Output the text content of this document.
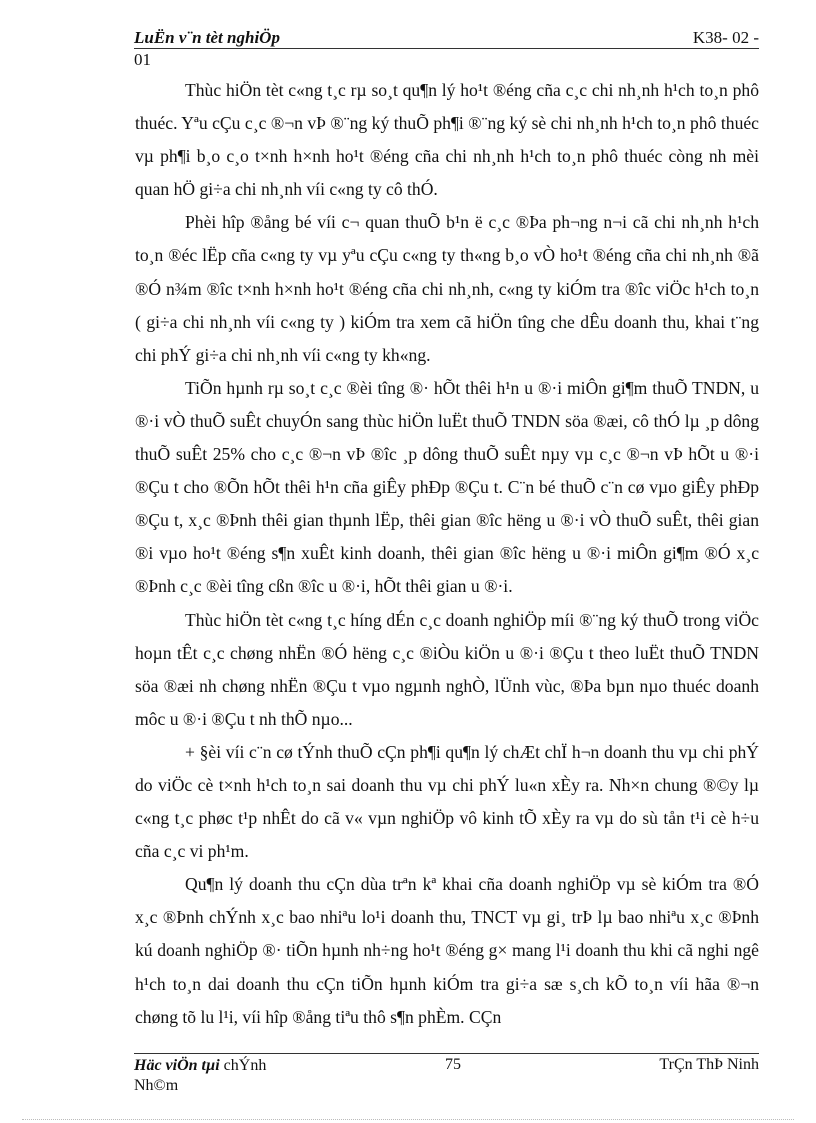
LuËn v¨n tèt nghiÖp	K38- 02 -
01

Thùc hiÖn tèt c«ng t¸c rµ so¸t qu¶n lý ho¹t ®éng cña c¸c chi nh¸nh h¹ch to¸n phô thuéc. Yªu cÇu c¸c ®¬n vÞ ®¨ng ký thuÕ ph¶i ®¨ng ký sè chi nh¸nh h¹ch to¸n phô thuéc vµ ph¶i b¸o c¸o t×nh h×nh ho¹t ®éng cña chi nh¸nh h¹ch to¸n phô thuéc còng nh mèi quan hÖ gi÷a chi nh¸nh víi c«ng ty cô thÓ.

Phèi hîp ®ång bé víi c¬ quan thuÕ b¹n ë c¸c ®Þa ph¬ng n¬i cã chi nh¸nh h¹ch to¸n ®éc lËp cña c«ng ty vµ yªu cÇu c«ng ty th«ng b¸o vÒ ho¹t ®éng cña chi nh¸nh ®ã ®Ó n¾m ®îc t×nh h×nh ho¹t ®éng cña chi nh¸nh, c«ng ty kiÓm tra ®îc viÖc h¹ch to¸n ( gi÷a chi nh¸nh víi c«ng ty ) kiÓm tra xem cã hiÖn tîng che dÊu doanh thu, khai t¨ng chi phÝ gi÷a chi nh¸nh víi c«ng ty kh«ng.

TiÕn hµnh rµ so¸t c¸c ®èi tîng ®· hÕt thêi h¹n u ®·i miÔn gi¶m thuÕ TNDN, u ®·i vÒ thuÕ suÊt chuyÓn sang thùc hiÖn luËt thuÕ TNDN söa ®æi, cô thÓ lµ ¸p dông thuÕ suÊt 25% cho c¸c ®¬n vÞ ®îc ¸p dông thuÕ suÊt nµy vµ c¸c ®¬n vÞ hÕt u ®·i ®Çu t cho ®Õn hÕt thêi h¹n cña giÊy phÐp ®Çu t. C¨n bé thuÕ c¨n cø vµo giÊy phÐp ®Çu t, x¸c ®Þnh thêi gian thµnh lËp, thêi gian ®îc hëng u ®·i vÒ thuÕ suÊt, thêi gian ®i vµo ho¹t ®éng s¶n xuÊt kinh doanh, thêi gian ®îc hëng u ®·i miÔn gi¶m ®Ó x¸c ®Þnh c¸c ®èi tîng cßn ®îc u ®·i, hÕt thêi gian u ®·i.

Thùc hiÖn tèt c«ng t¸c híng dÉn c¸c doanh nghiÖp míi ®¨ng ký thuÕ trong viÖc hoµn tÊt c¸c chøng nhËn ®Ó hëng c¸c ®iÒu kiÖn u ®·i ®Çu t theo luËt thuÕ TNDN söa ®æi nh chøng nhËn ®Çu t vµo ngµnh nghÒ, lÜnh vùc, ®Þa bµn nµo thuéc doanh môc u ®·i ®Çu t nh thÕ nµo...

+ §èi víi c¨n cø tÝnh thuÕ cÇn ph¶i qu¶n lý chÆt chÏ h¬n doanh thu vµ chi phÝ do viÖc cè t×nh h¹ch to¸n sai doanh thu vµ chi phÝ lu«n xÈy ra. Nh×n chung ®©y lµ c«ng t¸c phøc t¹p nhÊt do cã v« vµn nghiÖp vô kinh tÕ xÈy ra vµ do sù tån t¹i cè h÷u cña c¸c vi ph¹m.

Qu¶n lý doanh thu cÇn dùa trªn kª khai cña doanh nghiÖp vµ sè kiÓm tra ®Ó x¸c ®Þnh chÝnh x¸c bao nhiªu lo¹i doanh thu, TNCT vµ gi¸ trÞ lµ bao nhiªu x¸c ®Þnh kú doanh nghiÖp ®· tiÕn hµnh nh÷ng ho¹t ®éng g× mang l¹i doanh thu khi cã nghi ngê h¹ch to¸n dai doanh thu cÇn tiÕn hµnh kiÓm tra gi÷a sæ s¸ch kÕ to¸n víi hãa ®¬n chøng tõ lu l¹i, víi hîp ®ång tiªu thô s¶n phÈm. CÇn

Häc viÖn tµi chÝnh
Nh©m
75	TrÇn ThÞ Ninh
